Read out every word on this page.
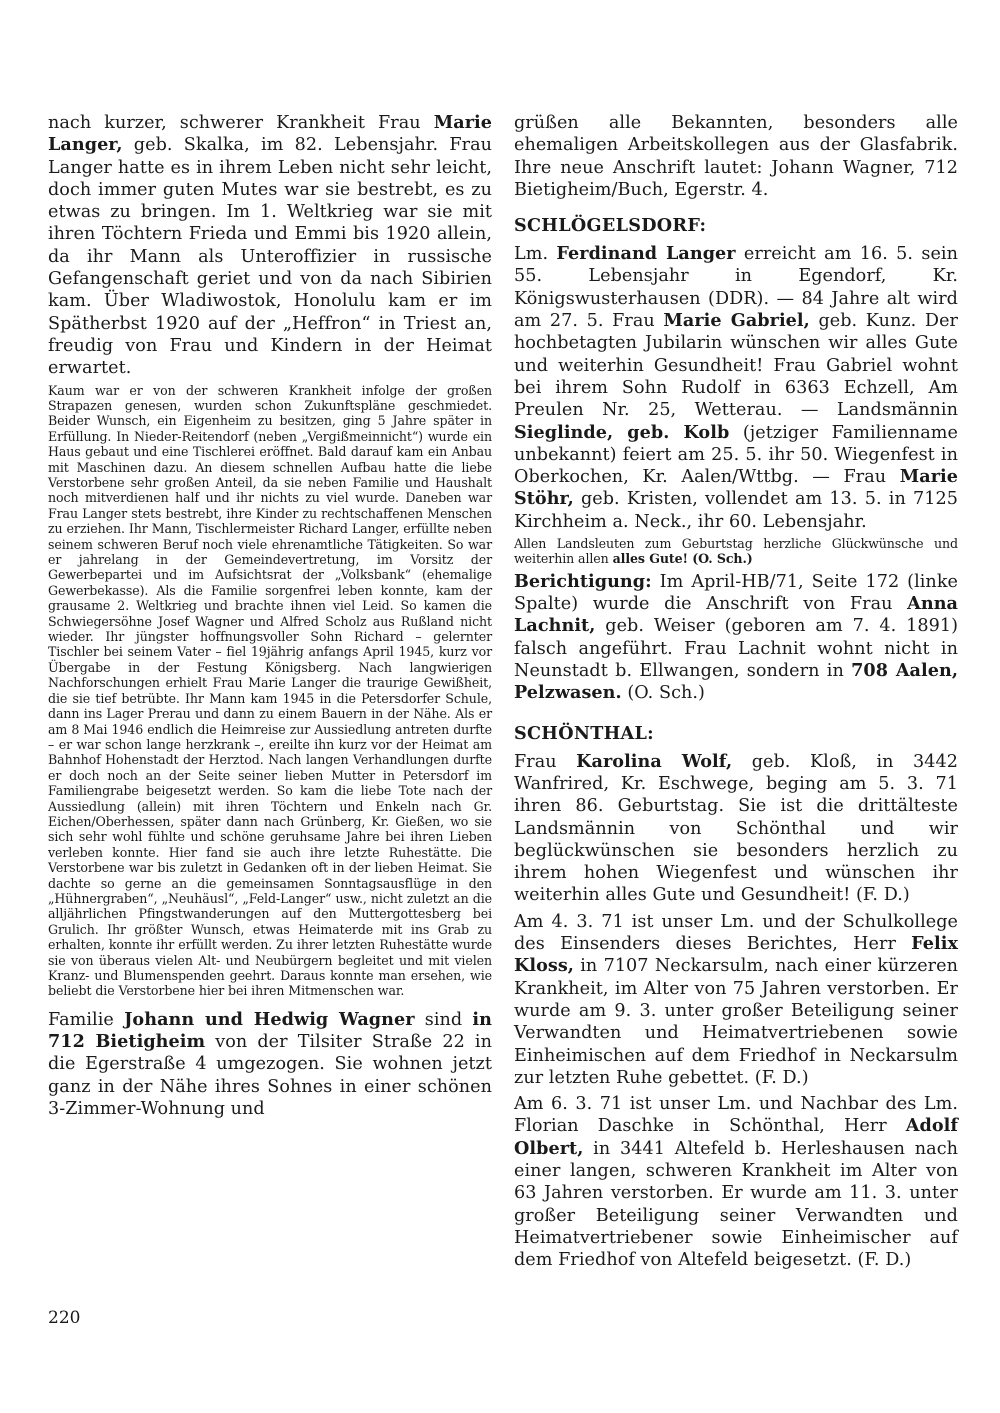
nach kurzer, schwerer Krankheit Frau Marie Langer, geb. Skalka, im 82. Lebensjahr. Frau Langer hatte es in ihrem Leben nicht sehr leicht, doch immer guten Mutes war sie bestrebt, es zu etwas zu bringen. Im 1. Weltkrieg war sie mit ihren Töchtern Frieda und Emmi bis 1920 allein, da ihr Mann als Unteroffizier in russische Gefangenschaft geriet und von da nach Sibirien kam. Über Wladiwostok, Honolulu kam er im Spätherbst 1920 auf der „Heffron“ in Triest an, freudig von Frau und Kindern in der Heimat erwartet.

Kaum war er von der schweren Krankheit infolge der großen Strapazen genesen, wurden schon Zukunftspläne geschmiedet. Beider Wunsch, ein Eigenheim zu besitzen, ging 5 Jahre später in Erfüllung. In Nieder-Reitendorf (neben „Vergißmeinnicht“) wurde ein Haus gebaut und eine Tischlerei eröffnet. Bald darauf kam ein Anbau mit Maschinen dazu. An diesem schnellen Aufbau hatte die liebe Verstorbene sehr großen Anteil, da sie neben Familie und Haushalt noch mitverdienen half und ihr nichts zu viel wurde. Daneben war Frau Langer stets bestrebt, ihre Kinder zu rechtschaffenen Menschen zu erziehen. Ihr Mann, Tischlermeister Richard Langer, erfüllte neben seinem schweren Beruf noch viele ehrenamtliche Tätigkeiten. So war er jahrelang in der Gemeindevertretung, im Vorsitz der Gewerbepartei und im Aufsichtsrat der „Volksbank“ (ehemalige Gewerbekasse). Als die Familie sorgenfrei leben konnte, kam der grausame 2. Weltkrieg und brachte ihnen viel Leid. So kamen die Schwiegersöhne Josef Wagner und Alfred Scholz aus Rußland nicht wieder. Ihr jüngster hoffnungsvoller Sohn Richard – gelernter Tischler bei seinem Vater – fiel 19jährig anfangs April 1945, kurz vor Übergabe in der Festung Königsberg. Nach langwierigen Nachforschungen erhielt Frau Marie Langer die traurige Gewißheit, die sie tief betrübte. Ihr Mann kam 1945 in die Petersdorfer Schule, dann ins Lager Prerau und dann zu einem Bauern in der Nähe. Als er am 8 Mai 1946 endlich die Heimreise zur Aussiedlung antreten durfte – er war schon lange herzkrank –, ereilte ihn kurz vor der Heimat am Bahnhof Hohenstadt der Herztod. Nach langen Verhandlungen durfte er doch noch an der Seite seiner lieben Mutter in Petersdorf im Familiengrabe beigesetzt werden. So kam die liebe Tote nach der Aussiedlung (allein) mit ihren Töchtern und Enkeln nach Gr. Eichen/Oberhessen, später dann nach Grünberg, Kr. Gießen, wo sie sich sehr wohl fühlte und schöne geruhsame Jahre bei ihren Lieben verleben konnte. Hier fand sie auch ihre letzte Ruhestätte. Die Verstorbene war bis zuletzt in Gedanken oft in der lieben Heimat. Sie dachte so gerne an die gemeinsamen Sonntagsausflüge in den „Hühnergraben“, „Neuhäusl“, „Feld-Langer“ usw., nicht zuletzt an die alljährlichen Pfingstwanderungen auf den Muttergottesberg bei Grulich. Ihr größter Wunsch, etwas Heimaterde mit ins Grab zu erhalten, konnte ihr erfüllt werden. Zu ihrer letzten Ruhestätte wurde sie von überaus vielen Alt- und Neubürgern begleitet und mit vielen Kranz- und Blumenspenden geehrt. Daraus konnte man ersehen, wie beliebt die Verstorbene hier bei ihren Mitmenschen war.

Familie Johann und Hedwig Wagner sind in 712 Bietigheim von der Tilsiter Straße 22 in die Egerstraße 4 umgezogen. Sie wohnen jetzt ganz in der Nähe ihres Sohnes in einer schönen 3-Zimmer-Wohnung und

grüßen alle Bekannten, besonders alle ehemaligen Arbeitskollegen aus der Glasfabrik. Ihre neue Anschrift lautet: Johann Wagner, 712 Bietigheim/Buch, Egerstr. 4.

SCHLÖGELSDORF:

Lm. Ferdinand Langer erreicht am 16. 5. sein 55. Lebensjahr in Egendorf, Kr. Königswusterhausen (DDR). — 84 Jahre alt wird am 27. 5. Frau Marie Gabriel, geb. Kunz. Der hochbetagten Jubilarin wünschen wir alles Gute und weiterhin Gesundheit! Frau Gabriel wohnt bei ihrem Sohn Rudolf in 6363 Echzell, Am Preulen Nr. 25, Wetterau. — Landsmännin Sieglinde, geb. Kolb (jetziger Familienname unbekannt) feiert am 25. 5. ihr 50. Wiegenfest in Oberkochen, Kr. Aalen/Wttbg. — Frau Marie Stöhr, geb. Kristen, vollendet am 13. 5. in 7125 Kirchheim a. Neck., ihr 60. Lebensjahr.

Allen Landsleuten zum Geburtstag herzliche Glückwünsche und weiterhin allen alles Gute! (O. Sch.)

Berichtigung: Im April-HB/71, Seite 172 (linke Spalte) wurde die Anschrift von Frau Anna Lachnit, geb. Weiser (geboren am 7. 4. 1891) falsch angeführt. Frau Lachnit wohnt nicht in Neunstadt b. Ellwangen, sondern in 708 Aalen, Pelzwasen. (O. Sch.)

SCHÖNTHAL:

Frau Karolina Wolf, geb. Kloß, in 3442 Wanfrired, Kr. Eschwege, beging am 5. 3. 71 ihren 86. Geburtstag. Sie ist die drittälteste Landsmännin von Schönthal und wir beglückwünschen sie besonders herzlich zu ihrem hohen Wiegenfest und wünschen ihr weiterhin alles Gute und Gesundheit! (F. D.)

Am 4. 3. 71 ist unser Lm. und der Schulkollege des Einsenders dieses Berichtes, Herr Felix Kloss, in 7107 Neckarsulm, nach einer kürzeren Krankheit, im Alter von 75 Jahren verstorben. Er wurde am 9. 3. unter großer Beteiligung seiner Verwandten und Heimatvertriebenen sowie Einheimischen auf dem Friedhof in Neckarsulm zur letzten Ruhe gebettet. (F. D.)

Am 6. 3. 71 ist unser Lm. und Nachbar des Lm. Florian Daschke in Schönthal, Herr Adolf Olbert, in 3441 Altefeld b. Herleshausen nach einer langen, schweren Krankheit im Alter von 63 Jahren verstorben. Er wurde am 11. 3. unter großer Beteiligung seiner Verwandten und Heimatvertriebener sowie Einheimischer auf dem Friedhof von Altefeld beigesetzt. (F. D.)

220
